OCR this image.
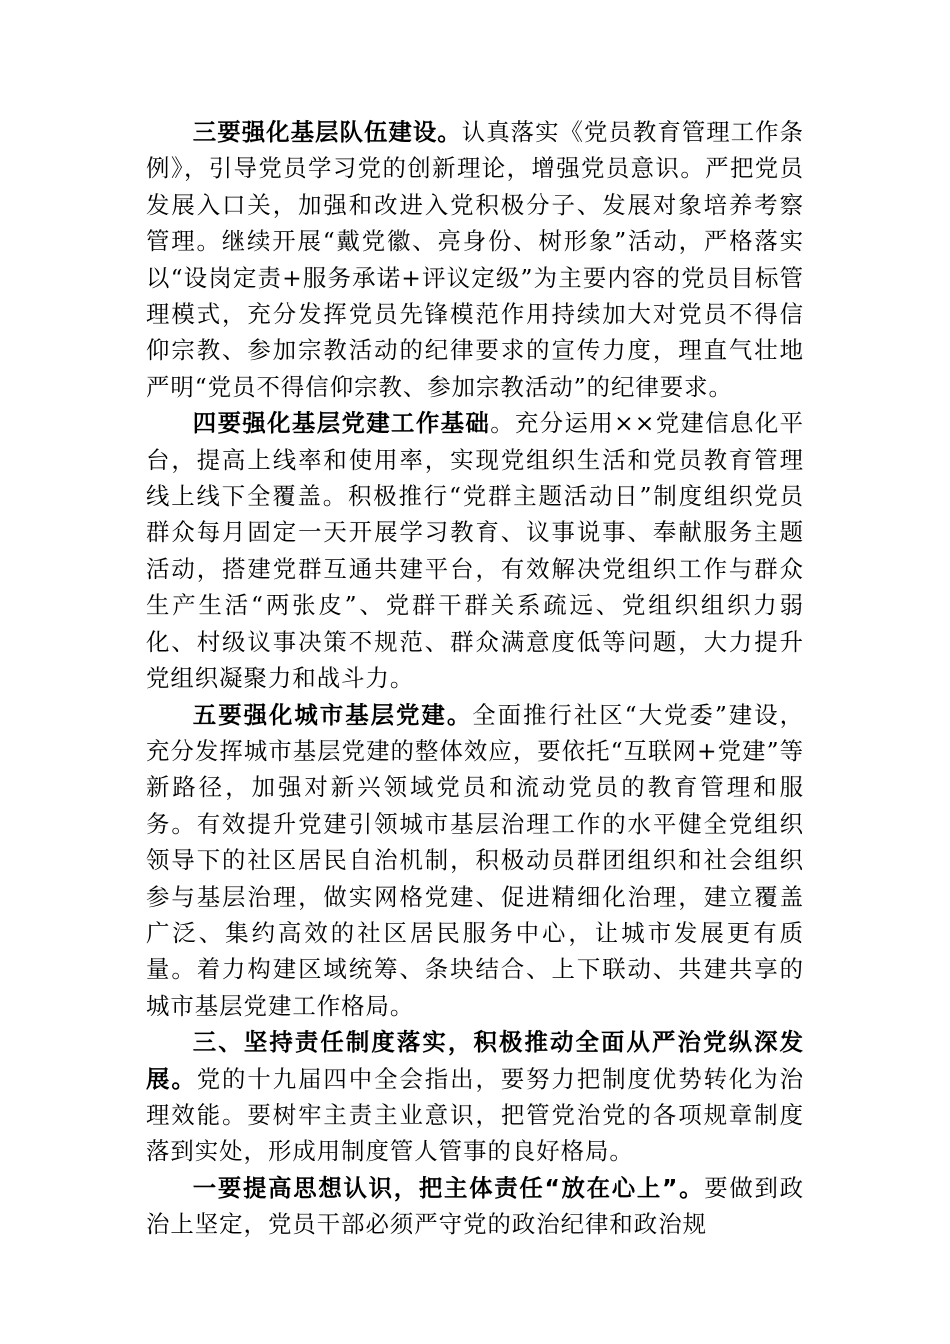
三要强化基层队伍建设。认真落实《党员教育管理工作条例》，引导党员学习党的创新理论，增强党员意识。严把党员发展入口关，加强和改进入党积极分子、发展对象培养考察管理。继续开展“戴党徽、亮身份、树形象”活动，严格落实以“设岗定责+服务承诺+评议定级”为主要内容的党员目标管理模式，充分发挥党员先锋模范作用持续加大对党员不得信仰宗教、参加宗教活动的纪律要求的宣传力度，理直气壮地严明“党员不得信仰宗教、参加宗教活动”的纪律要求。

四要强化基层党建工作基础。充分运用××党建信息化平台，提高上线率和使用率，实现党组织生活和党员教育管理线上线下全覆盖。积极推行“党群主题活动日”制度组织党员群众每月固定一天开展学习教育、议事说事、奉献服务主题活动，搭建党群互通共建平台，有效解决党组织工作与群众生产生活“两张皮”、党群干群关系疏远、党组织组织力弱化、村级议事决策不规范、群众满意度低等问题，大力提升党组织凝聚力和战斗力。

五要强化城市基层党建。全面推行社区“大党委”建设，充分发挥城市基层党建的整体效应，要依托“互联网+党建”等新路径，加强对新兴领域党员和流动党员的教育管理和服务。有效提升党建引领城市基层治理工作的水平健全党组织领导下的社区居民自治机制，积极动员群团组织和社会组织参与基层治理，做实网格党建、促进精细化治理，建立覆盖广泛、集约高效的社区居民服务中心，让城市发展更有质量。着力构建区域统筹、条块结合、上下联动、共建共享的城市基层党建工作格局。

三、坚持责任制度落实，积极推动全面从严治党纵深发展。党的十九届四中全会指出，要努力把制度优势转化为治理效能。要树牢主责主业意识，把管党治党的各项规章制度落到实处，形成用制度管人管事的良好格局。

一要提高思想认识，把主体责任“放在心上”。要做到政治上坚定，党员干部必须严守党的政治纪律和政治规
